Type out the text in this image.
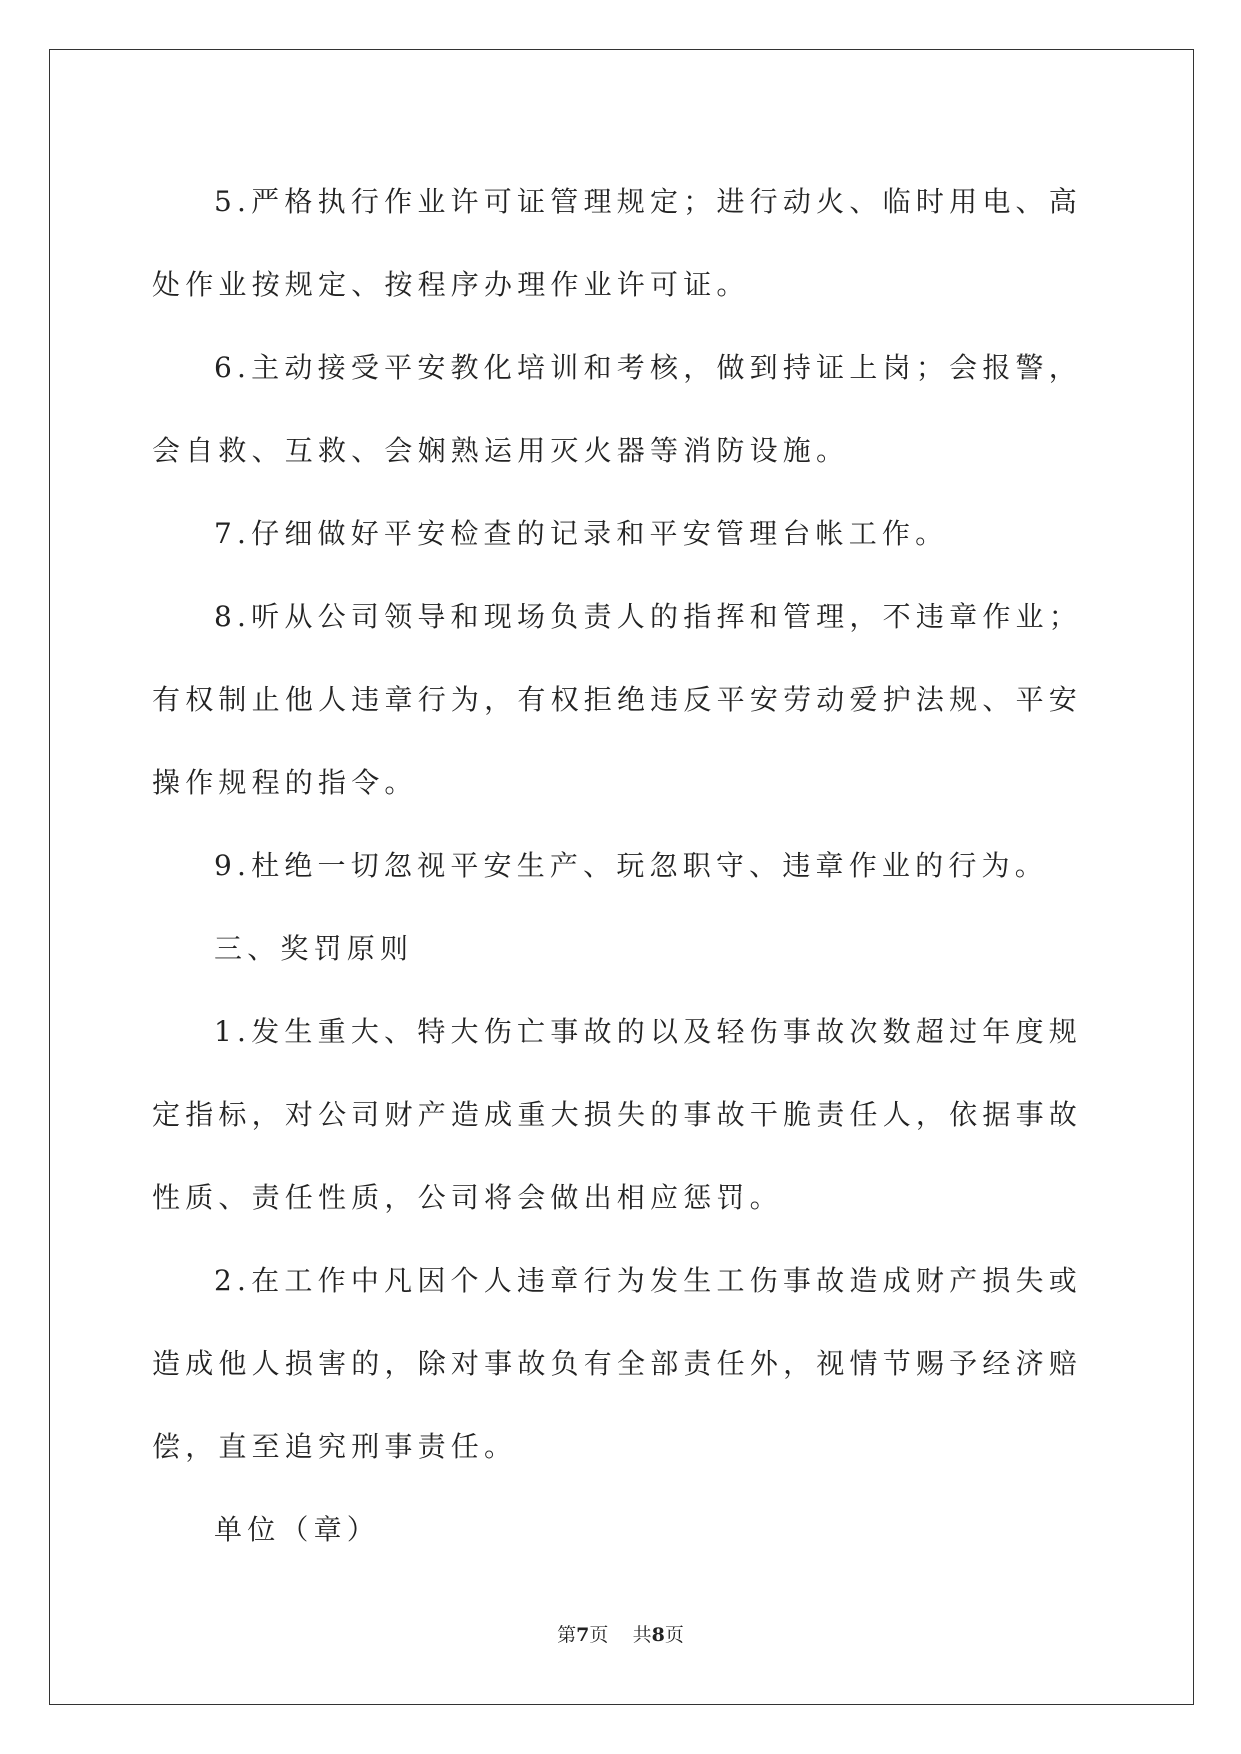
5.严格执行作业许可证管理规定；进行动火、临时用电、高处作业按规定、按程序办理作业许可证。

6.主动接受平安教化培训和考核，做到持证上岗；会报警，会自救、互救、会娴熟运用灭火器等消防设施。

7.仔细做好平安检查的记录和平安管理台帐工作。

8.听从公司领导和现场负责人的指挥和管理，不违章作业；有权制止他人违章行为，有权拒绝违反平安劳动爱护法规、平安操作规程的指令。

9.杜绝一切忽视平安生产、玩忽职守、违章作业的行为。

三、奖罚原则

1.发生重大、特大伤亡事故的以及轻伤事故次数超过年度规定指标，对公司财产造成重大损失的事故干脆责任人，依据事故性质、责任性质，公司将会做出相应惩罚。

2.在工作中凡因个人违章行为发生工伤事故造成财产损失或造成他人损害的，除对事故负有全部责任外，视情节赐予经济赔偿，直至追究刑事责任。

单位（章）

第7页    共8页
